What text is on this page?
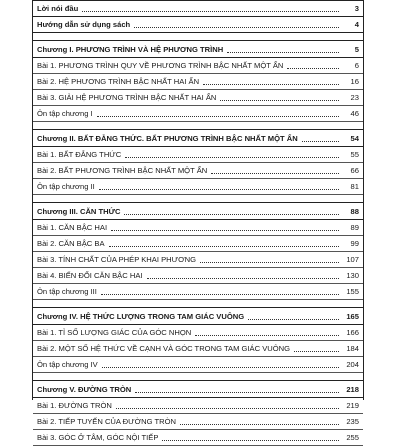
Lời nói đầu	3
Hướng dẫn sử dụng sách	4
Chương I. PHƯƠNG TRÌNH VÀ HỆ PHƯƠNG TRÌNH	5
Bài 1. PHƯƠNG TRÌNH QUY VỀ PHƯƠNG TRÌNH BẬC NHẤT MỘT ẨN	6
Bài 2. HỆ PHƯƠNG TRÌNH BẬC NHẤT HAI ẨN	16
Bài 3. GIẢI HỆ PHƯƠNG TRÌNH BẬC NHẤT HAI ẨN	23
Ôn tập chương I	46
Chương II. BẤT ĐẲNG THỨC. BẤT PHƯƠNG TRÌNH BẬC NHẤT MỘT ẨN	54
Bài 1. BẤT ĐẲNG THỨC	55
Bài 2. BẤT PHƯƠNG TRÌNH BẬC NHẤT MỘT ẨN	66
Ôn tập chương II	81
Chương III. CĂN THỨC	88
Bài 1. CĂN BẬC HAI	89
Bài 2. CĂN BẬC BA	99
Bài 3. TÍNH CHẤT CỦA PHÉP KHAI PHƯƠNG	107
Bài 4. BIẾN ĐỔI CĂN BẬC HAI	130
Ôn tập chương III	155
Chương IV. HỆ THỨC LƯỢNG TRONG TAM GIÁC VUÔNG	165
Bài 1. TỈ SỐ LƯỢNG GIÁC CỦA GÓC NHỌN	166
Bài 2. MỘT SỐ HỆ THỨC VỀ CẠNH VÀ GÓC TRONG TAM GIÁC VUÔNG	184
Ôn tập chương IV	204
Chương V. ĐƯỜNG TRÒN	218
Bài 1. ĐƯỜNG TRÒN	219
Bài 2. TIẾP TUYẾN CỦA ĐƯỜNG TRÒN	235
Bài 3. GÓC Ở TÂM, GÓC NỘI TIẾP	255
